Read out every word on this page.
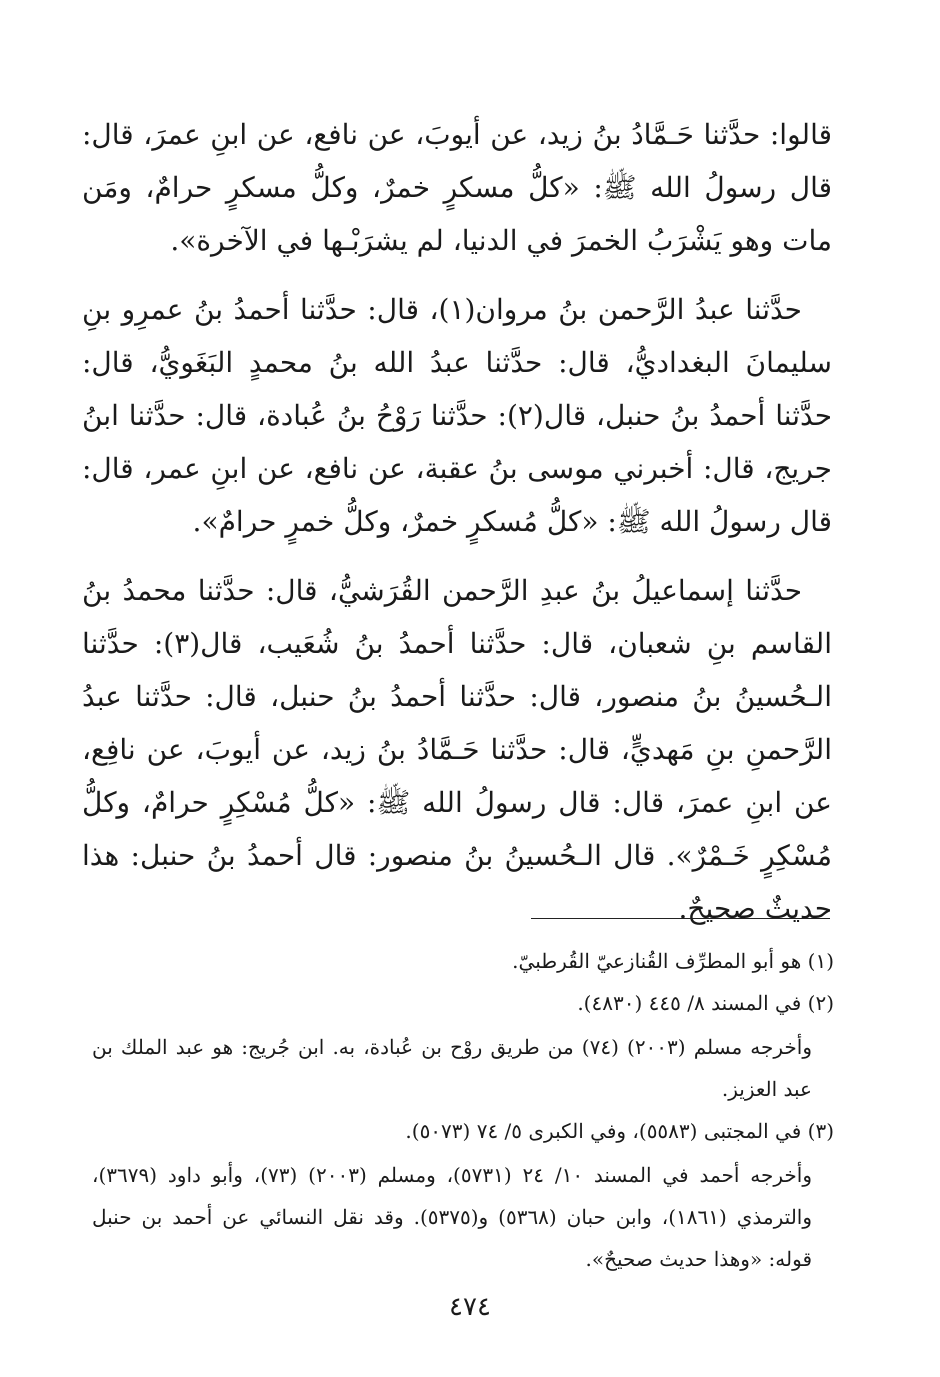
قالوا: حدَّثنا حَـمَّادُ بنُ زيد، عن أيوبَ، عن نافع، عن ابنِ عمرَ، قال: قال رسولُ الله ﷺ: «كلُّ مسكرٍ خمرٌ، وكلُّ مسكرٍ حرامٌ، ومَن مات وهو يَشْرَبُ الخمرَ في الدنيا، لم يشرَبْـها في الآخرة».

حدَّثنا عبدُ الرَّحمن بنُ مروان(١)، قال: حدَّثنا أحمدُ بنُ عمرِو بنِ سليمانَ البغداديُّ، قال: حدَّثنا عبدُ الله بنُ محمدٍ البَغَويُّ، قال: حدَّثنا أحمدُ بنُ حنبل، قال(٢): حدَّثنا رَوْحُ بنُ عُبادة، قال: حدَّثنا ابنُ جريج، قال: أخبرني موسى بنُ عقبة، عن نافع، عن ابنِ عمر، قال: قال رسولُ الله ﷺ: «كلُّ مُسكرٍ خمرٌ، وكلُّ خمرٍ حرامٌ».

حدَّثنا إسماعيلُ بنُ عبدِ الرَّحمن القُرَشيُّ، قال: حدَّثنا محمدُ بنُ القاسم بنِ شعبان، قال: حدَّثنا أحمدُ بنُ شُعَيب، قال(٣): حدَّثنا الـحُسينُ بنُ منصور، قال: حدَّثنا أحمدُ بنُ حنبل، قال: حدَّثنا عبدُ الرَّحمنِ بنِ مَهديٍّ، قال: حدَّثنا حَـمَّادُ بنُ زيد، عن أيوبَ، عن نافِع، عن ابنِ عمرَ، قال: قال رسولُ الله ﷺ: «كلُّ مُسْكِرٍ حرامٌ، وكلُّ مُسْكِرٍ خَـمْرٌ». قال الـحُسينُ بنُ منصور: قال أحمدُ بنُ حنبل: هذا حديثٌ صحيحٌ.

(١) هو أبو المطرِّف القُنازعيّ القُرطبيّ.

(٢) في المسند ٨/ ٤٤٥ (٤٨٣٠).

وأخرجه مسلم (٢٠٠٣) (٧٤) من طريق روْح بن عُبادة، به. ابن جُريج: هو عبد الملك بن عبد العزيز.

(٣) في المجتبى (٥٥٨٣)، وفي الكبرى ٥/ ٧٤ (٥٠٧٣).

وأخرجه أحمد في المسند ١٠/ ٢٤ (٥٧٣١)، ومسلم (٢٠٠٣) (٧٣)، وأبو داود (٣٦٧٩)، والترمذي (١٨٦١)، وابن حبان (٥٣٦٨) و(٥٣٧٥). وقد نقل النسائي عن أحمد بن حنبل قوله: «وهذا حديث صحيحٌ».

٤٧٤
